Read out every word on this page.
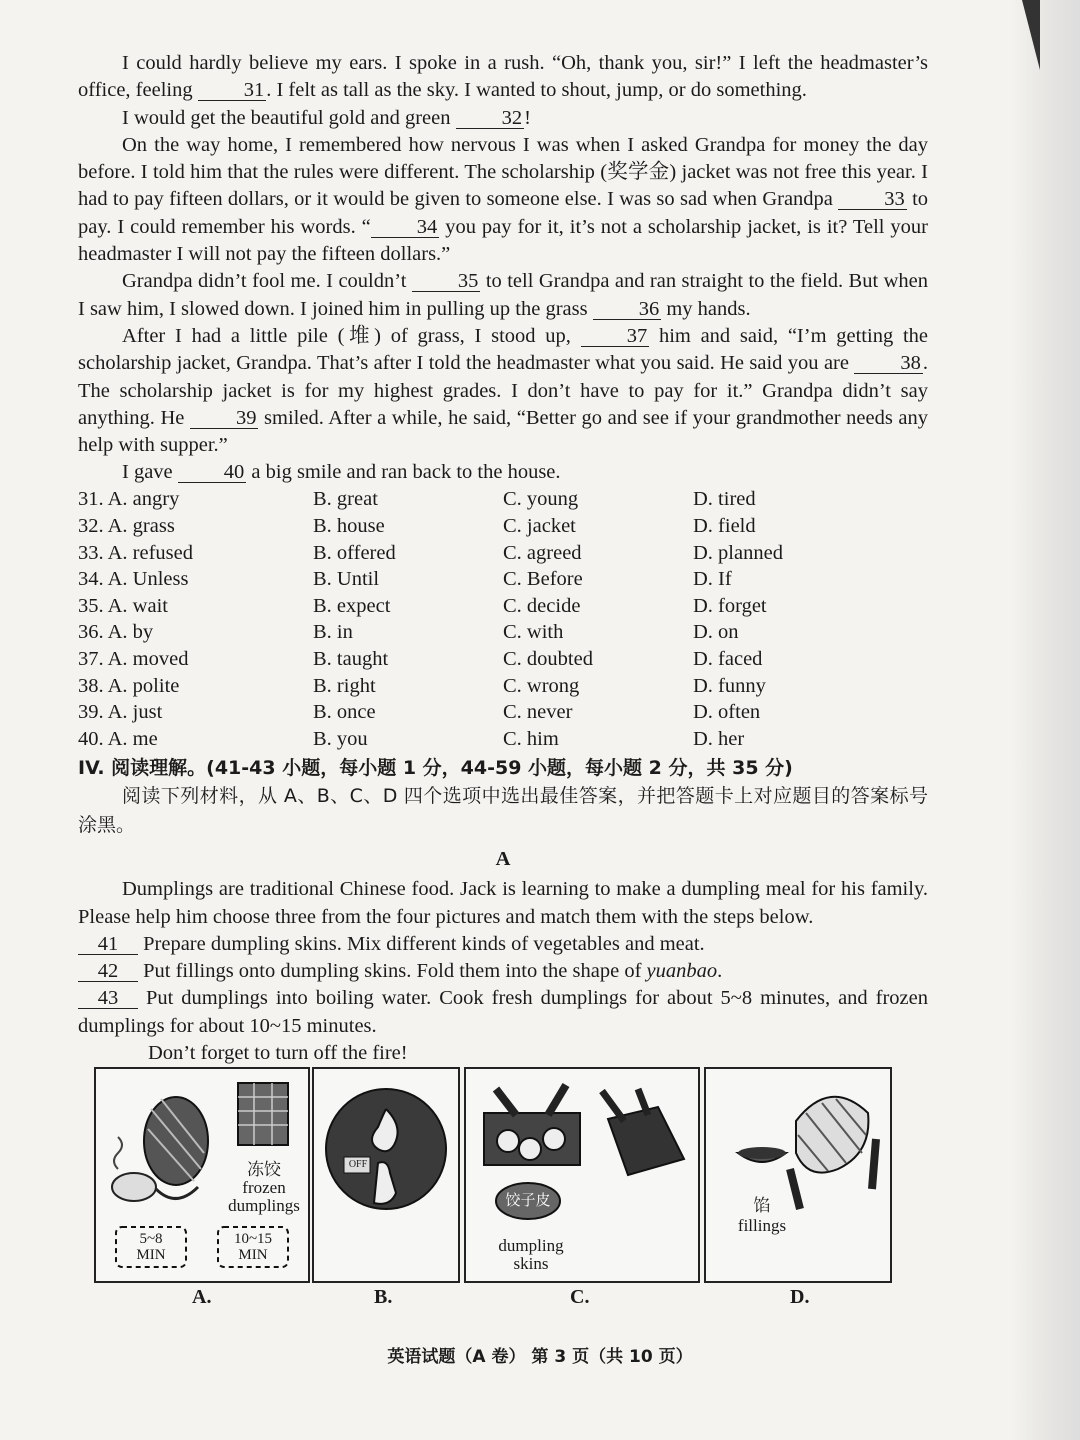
I could hardly believe my ears. I spoke in a rush. “Oh, thank you, sir!” I left the headmaster’s office, feeling 31. I felt as tall as the sky. I wanted to shout, jump, or do something.

I would get the beautiful gold and green 32!

On the way home, I remembered how nervous I was when I asked Grandpa for money the day before. I told him that the rules were different. The scholarship (奖学金) jacket was not free this year. I had to pay fifteen dollars, or it would be given to someone else. I was so sad when Grandpa	33 to pay. I could remember his words. “ 34 you pay for it, it’s not a scholarship jacket, is it? Tell your headmaster I will not pay the fifteen dollars.”

Grandpa didn’t fool me. I couldn’t	35 to tell Grandpa and ran straight to the field. But when I saw him, I slowed down. I joined him in pulling up the grass 36 my hands.

After I had a little pile (堆) of grass, I stood up,	37 him and said, “I’m getting the scholarship jacket, Grandpa. That’s after I told the headmaster what you said. He said you are	38. The scholarship jacket is for my highest grades. I don’t have to pay for it.” Grandpa didn’t say anything. He	39 smiled. After a while, he said, “Better go and see if your grandmother needs any help with supper.”

I gave 40 a big smile and ran back to the house.

31. A. angry	B. great	C. young	D. tired
32. A. grass	B. house	C. jacket	D. field
33. A. refused	B. offered	C. agreed	D. planned
34. A. Unless	B. Until	C. Before	D. If
35. A. wait	B. expect	C. decide	D. forget
36. A. by	B. in	C. with	D. on
37. A. moved	B. taught	C. doubted	D. faced
38. A. polite	B. right	C. wrong	D. funny
39. A. just	B. once	C. never	D. often
40. A. me	B. you	C. him	D. her
IV. 阅读理解。(41-43 小题，每小题 1 分，44-59 小题，每小题 2 分，共 35 分)

阅读下列材料，从 A、B、C、D 四个选项中选出最佳答案，并把答题卡上对应题目的答案标号涂黑。

A

Dumplings are traditional Chinese food. Jack is learning to make a dumpling meal for his family. Please help him choose three from the four pictures and match them with the steps below.

41 Prepare dumpling skins. Mix different kinds of vegetables and meat.

42 Put fillings onto dumpling skins. Fold them into the shape of yuanbao.

43 Put dumplings into boiling water. Cook fresh dumplings for about 5~8 minutes, and frozen dumplings for about 10~15 minutes.

Don’t forget to turn off the fire!

冻饺
frozen
dumplings
5~8
MIN
10~15
MIN
OFF
饺子皮
dumpling
skins
馅
fillings
A.	B.	C.	D.
英语试题（A 卷） 第 3 页（共 10 页）
